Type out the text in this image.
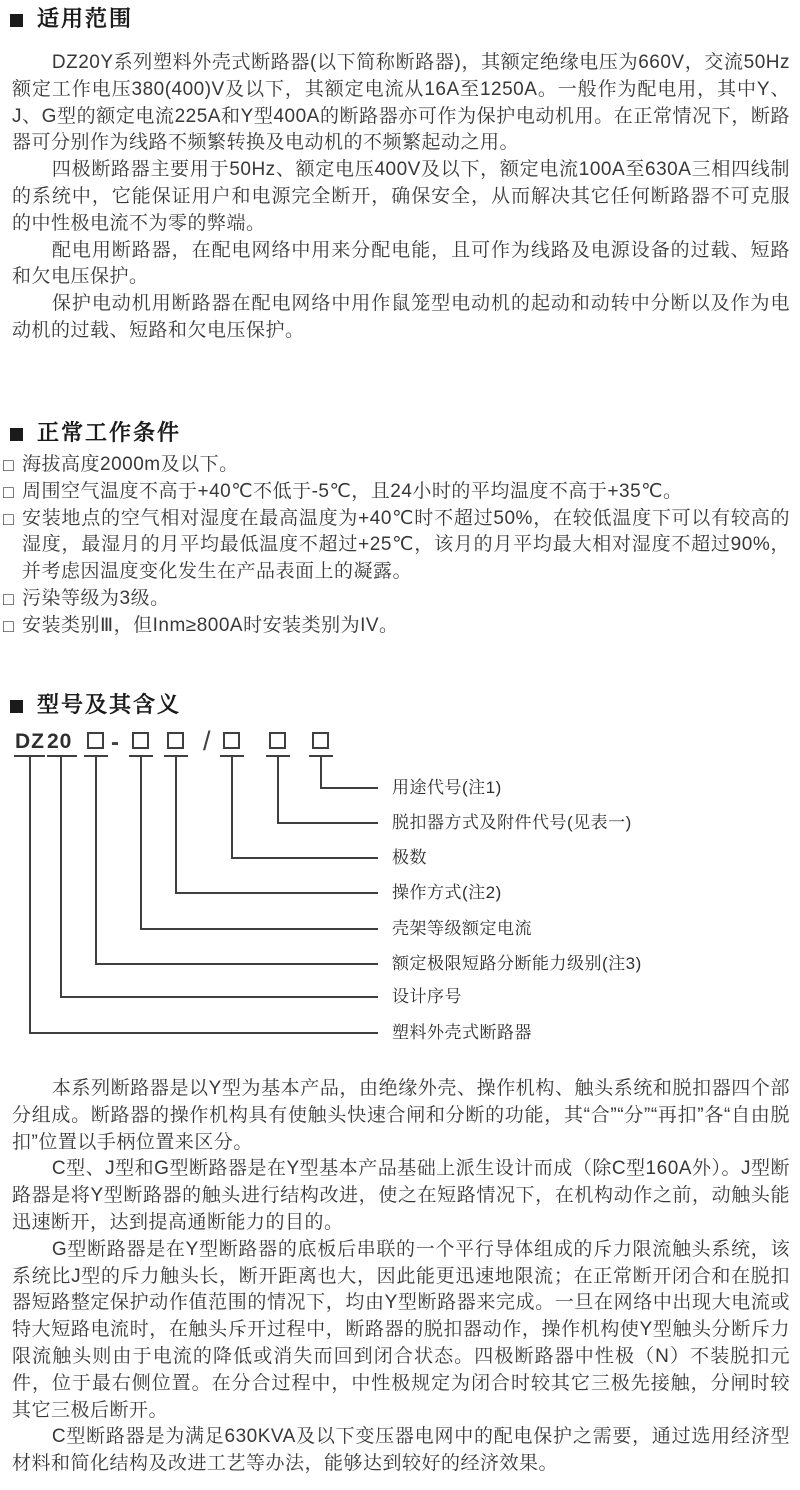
适用范围

DZ20Y系列塑料外壳式断路器(以下简称断路器)，其额定绝缘电压为660V，交流50Hz额定工作电压380(400)V及以下，其额定电流从16A至1250A。一般作为配电用，其中Y、J、G型的额定电流225A和Y型400A的断路器亦可作为保护电动机用。在正常情况下，断路器可分别作为线路不频繁转换及电动机的不频繁起动之用。

四极断路器主要用于50Hz、额定电压400V及以下，额定电流100A至630A三相四线制的系统中，它能保证用户和电源完全断开，确保安全，从而解决其它任何断路器不可克服的中性极电流不为零的弊端。

配电用断路器，在配电网络中用来分配电能，且可作为线路及电源设备的过载、短路和欠电压保护。

保护电动机用断路器在配电网络中用作鼠笼型电动机的起动和动转中分断以及作为电动机的过载、短路和欠电压保护。

正常工作条件
□ 海拔高度2000m及以下。
□ 周围空气温度不高于+40℃不低于-5℃，且24小时的平均温度不高于+35℃。
□ 安装地点的空气相对湿度在最高温度为+40℃时不超过50%，在较低温度下可以有较高的湿度，最湿月的月平均最低温度不超过+25℃，该月的月平均最大相对湿度不超过90%，并考虑因温度变化发生在产品表面上的凝露。
□ 污染等级为3级。
□ 安装类别Ⅲ，但Inm≥800A时安装类别为IV。
型号及其含义
DZ 20 -	/
用途代号(注1)
脱扣器方式及附件代号(见表一)
极数
操作方式(注2)
壳架等级额定电流
额定极限短路分断能力级别(注3)
设计序号
塑料外壳式断路器

本系列断路器是以Y型为基本产品，由绝缘外壳、操作机构、触头系统和脱扣器四个部分组成。断路器的操作机构具有使触头快速合闸和分断的功能，其“合”“分”“再扣”各“自由脱扣”位置以手柄位置来区分。

C型、J型和G型断路器是在Y型基本产品基础上派生设计而成（除C型160A外）。J型断路器是将Y型断路器的触头进行结构改进，使之在短路情况下，在机构动作之前，动触头能迅速断开，达到提高通断能力的目的。

G型断路器是在Y型断路器的底板后串联的一个平行导体组成的斥力限流触头系统，该系统比J型的斥力触头长，断开距离也大，因此能更迅速地限流；在正常断开闭合和在脱扣器短路整定保护动作值范围的情况下，均由Y型断路器来完成。一旦在网络中出现大电流或特大短路电流时，在触头斥开过程中，断路器的脱扣器动作，操作机构使Y型触头分断斥力限流触头则由于电流的降低或消失而回到闭合状态。四极断路器中性极（N）不装脱扣元件，位于最右侧位置。在分合过程中，中性极规定为闭合时较其它三极先接触，分闸时较其它三极后断开。

C型断路器是为满足630KVA及以下变压器电网中的配电保护之需要，通过选用经济型材料和简化结构及改进工艺等办法，能够达到较好的经济效果。
